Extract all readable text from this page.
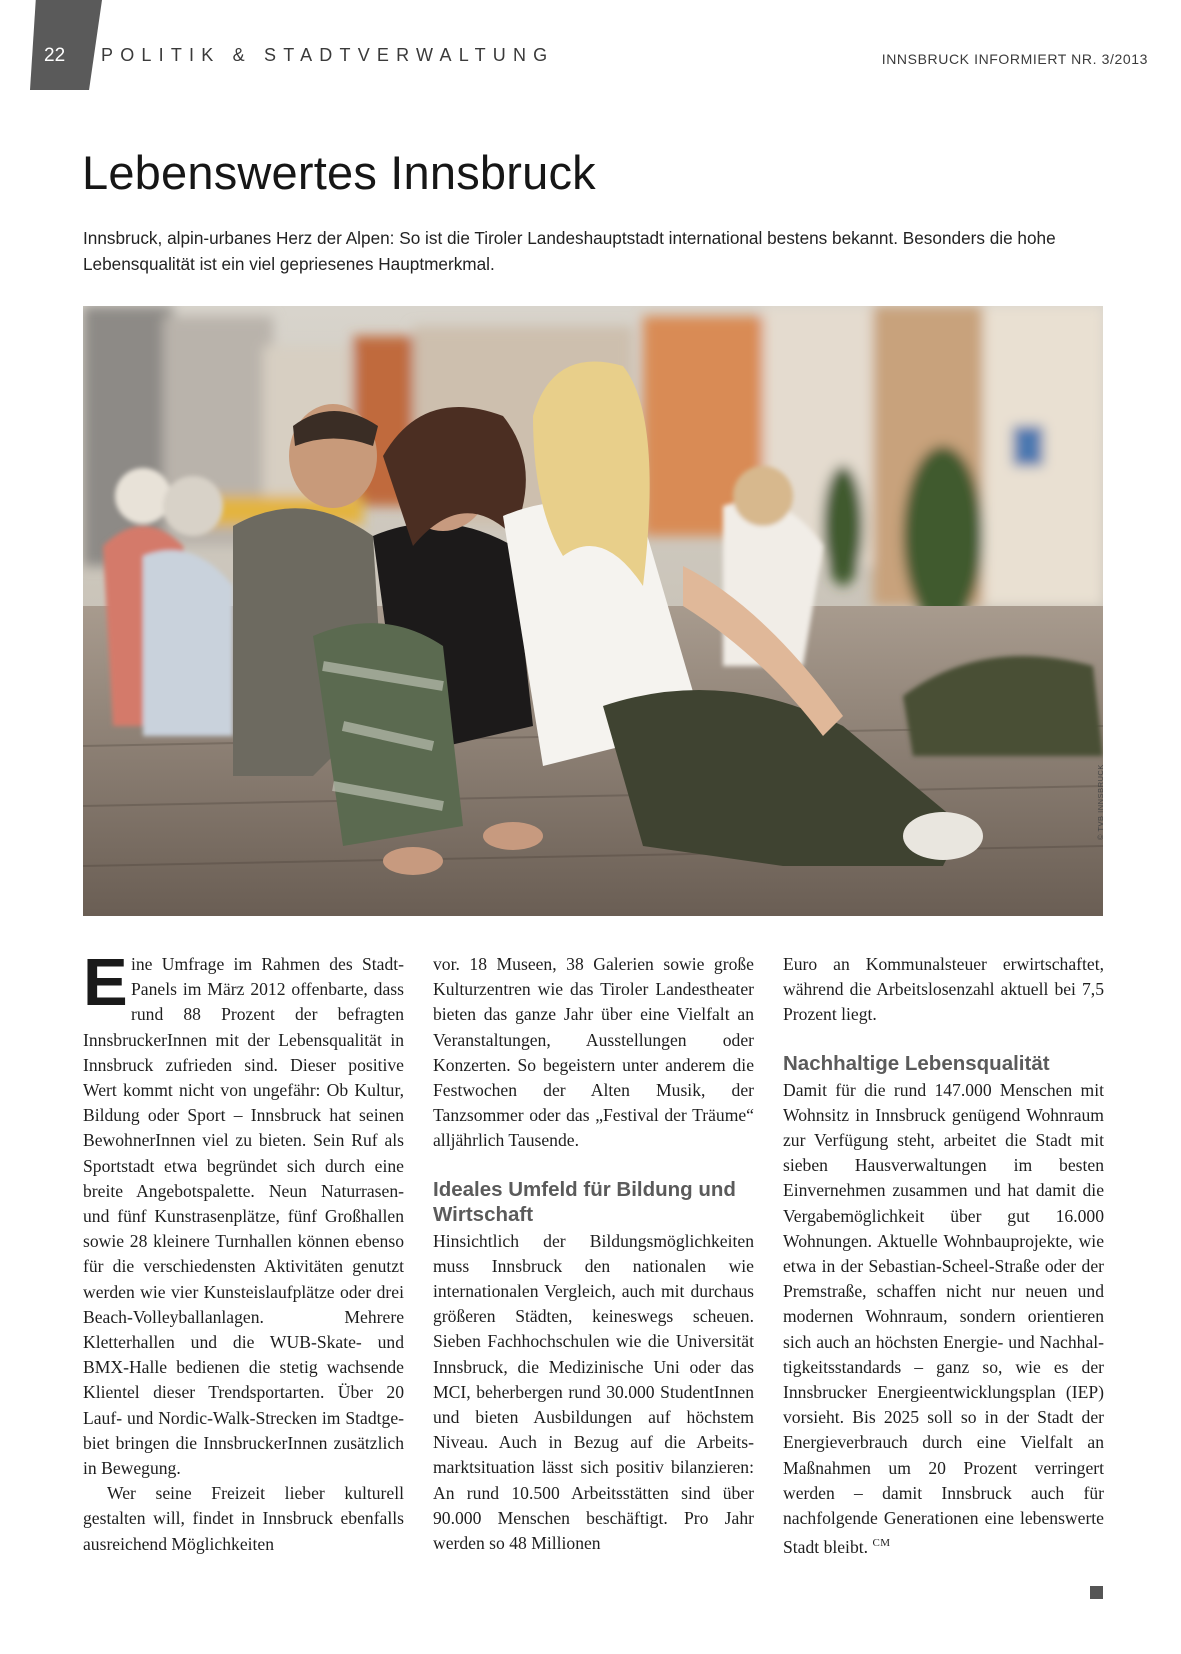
22	POLITIK & STADTVERWALTUNG	INNSBRUCK INFORMIERT NR. 3/2013
Lebenswertes Innsbruck

Innsbruck, alpin-urbanes Herz der Alpen: So ist die Tiroler Landeshauptstadt international bestens bekannt. Besonders die hohe Lebensqualität ist ein viel gepriesenes Hauptmerkmal.

© TVB INNSBRUCK
E ine Umfrage im Rahmen des Stadt-Panels im März 2012 offenbarte, dass rund 88 Prozent der befragten InnsbruckerInnen mit der Lebensqualität in Innsbruck zufrieden sind. Dieser positive Wert kommt nicht von ungefähr: Ob Kultur, Bildung oder Sport – Innsbruck hat seinen BewohnerInnen viel zu bieten. Sein Ruf als Sportstadt etwa begründet sich durch eine breite Angebotspalette. Neun Naturrasen- und fünf Kunstrasenplätze, fünf Großhallen sowie 28 kleinere Turnhallen können ebenso für die verschiedensten Aktivitäten genutzt werden wie vier Kunsteislaufplätze oder drei Beach-Volleyballanlagen. Mehrere Kletterhallen und die WUB-Skate- und BMX-Halle bedienen die stetig wachsende Klientel dieser Trendsportarten. Über 20 Lauf- und Nordic-Walk-Strecken im Stadtgebiet bringen die InnsbruckerInnen zusätzlich in Bewegung.

Wer seine Freizeit lieber kulturell gestalten will, findet in Innsbruck ebenfalls ausreichend Möglichkeiten

vor. 18 Museen, 38 Galerien sowie große Kulturzentren wie das Tiroler Landestheater bieten das ganze Jahr über eine Vielfalt an Veranstaltungen, Ausstellungen oder Konzerten. So begeistern unter anderem die Festwochen der Alten Musik, der Tanzsommer oder das „Festival der Träume“ alljährlich Tausende.

Ideales Umfeld für Bildung und Wirtschaft

Hinsichtlich der Bildungsmöglichkeiten muss Innsbruck den nationalen wie internationalen Vergleich, auch mit durchaus größeren Städten, keineswegs scheuen. Sieben Fachhochschulen wie die Universität Innsbruck, die Medizinische Uni oder das MCI, beherbergen rund 30.000 StudentInnen und bieten Ausbildungen auf höchstem Niveau. Auch in Bezug auf die Arbeitsmarktsituation lässt sich positiv bilanzieren: An rund 10.500 Arbeitsstätten sind über 90.000 Menschen beschäftigt. Pro Jahr werden so 48 Millionen

Euro an Kommunalsteuer erwirtschaftet, während die Arbeitslosenzahl aktuell bei 7,5 Prozent liegt.

Nachhaltige Lebensqualität

Damit für die rund 147.000 Menschen mit Wohnsitz in Innsbruck genügend Wohnraum zur Verfügung steht, arbeitet die Stadt mit sieben Hausverwaltungen im besten Einvernehmen zusammen und hat damit die Vergabemöglichkeit über gut 16.000 Wohnungen. Aktuelle Wohnbauprojekte, wie etwa in der Sebastian-Scheel-Straße oder der Premstraße, schaffen nicht nur neuen und modernen Wohnraum, sondern orientieren sich auch an höchsten Energie- und Nachhaltigkeitsstandards – ganz so, wie es der Innsbrucker Energieentwicklungsplan (IEP) vorsieht. Bis 2025 soll so in der Stadt der Energieverbrauch durch eine Vielfalt an Maßnahmen um 20 Prozent verringert werden – damit Innsbruck auch für nachfolgende Generationen eine lebenswerte Stadt bleibt. $^{CM}$
